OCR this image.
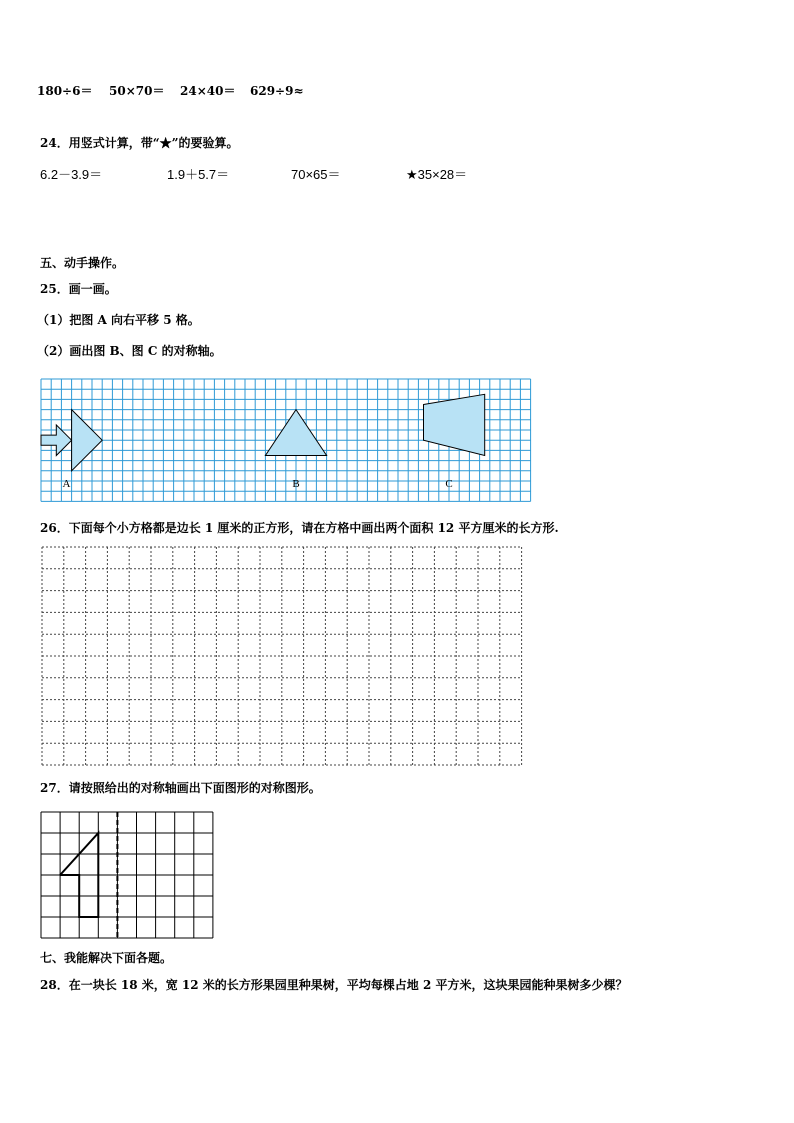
180÷6＝ 50×70＝ 24×40＝ 629÷9≈
24．用竖式计算，带“★”的要验算。
6.2－3.9＝	1.9＋5.7＝	70×65＝	★35×28＝
五、动手操作。
25．画一画。
（1）把图 A 向右平移 5 格。
（2）画出图 B、图 C 的对称轴。
A	B	C
26．下面每个小方格都是边长 1 厘米的正方形，请在方格中画出两个面积 12 平方厘米的长方形.
27．请按照给出的对称轴画出下面图形的对称图形。
七、我能解决下面各题。
28．在一块长 18 米，宽 12 米的长方形果园里种果树，平均每棵占地 2 平方米，这块果园能种果树多少棵？
